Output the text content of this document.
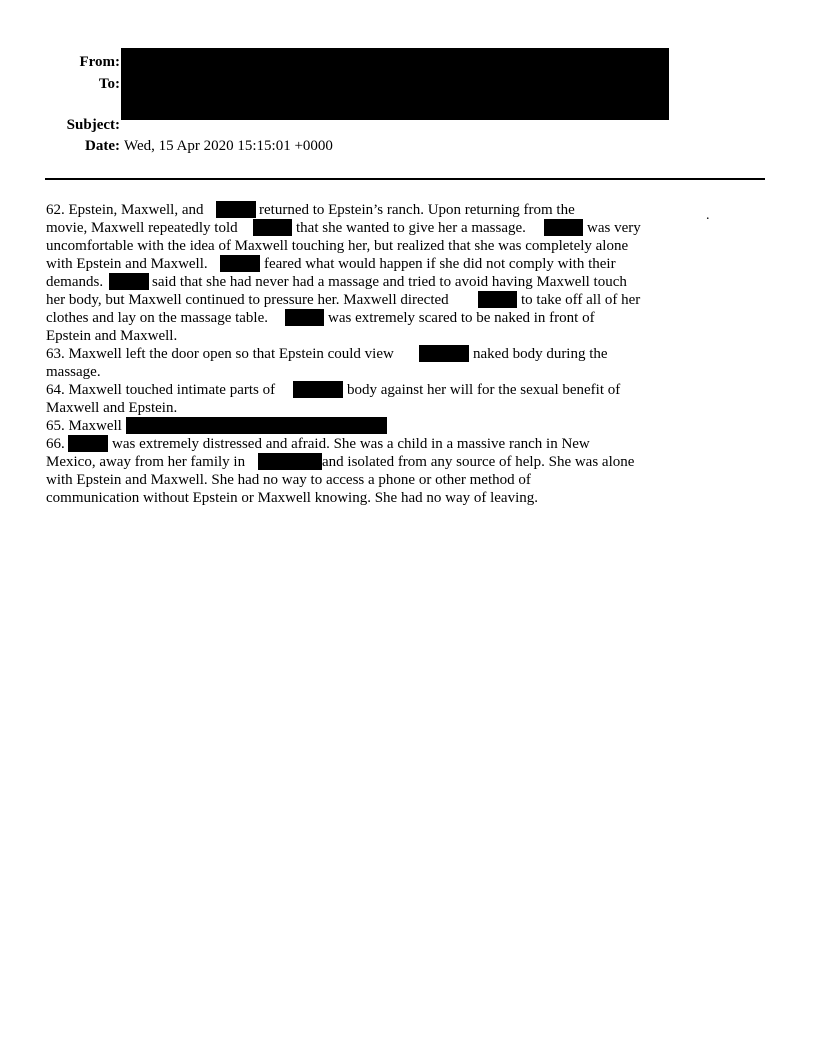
From:
To:
Subject:
Date: Wed, 15 Apr 2020 15:15:01 +0000
.
62. Epstein, Maxwell, and	returned to Epstein’s ranch. Upon returning from the
movie, Maxwell repeatedly told	that she wanted to give her a massage.	was very
uncomfortable with the idea of Maxwell touching her, but realized that she was completely alone
with Epstein and Maxwell.	feared what would happen if she did not comply with their
demands.	said that she had never had a massage and tried to avoid having Maxwell touch
her body, but Maxwell continued to pressure her. Maxwell directed	to take off all of her
clothes and lay on the massage table.	was extremely scared to be naked in front of
Epstein and Maxwell.
63. Maxwell left the door open so that Epstein could view	naked body during the
massage.
64. Maxwell touched intimate parts of	body against her will for the sexual benefit of
Maxwell and Epstein.
65. Maxwell
66.	was extremely distressed and afraid. She was a child in a massive ranch in New
Mexico, away from her family in	and isolated from any source of help. She was alone
with Epstein and Maxwell. She had no way to access a phone or other method of
communication without Epstein or Maxwell knowing. She had no way of leaving.
